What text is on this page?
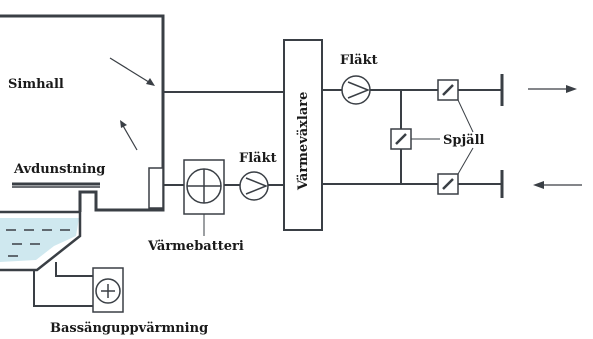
Simhall
Avdunstning
Värmebatteri
Fläkt
Fläkt
Värmeväxlare	Spjäll
Bassänguppvärmning
